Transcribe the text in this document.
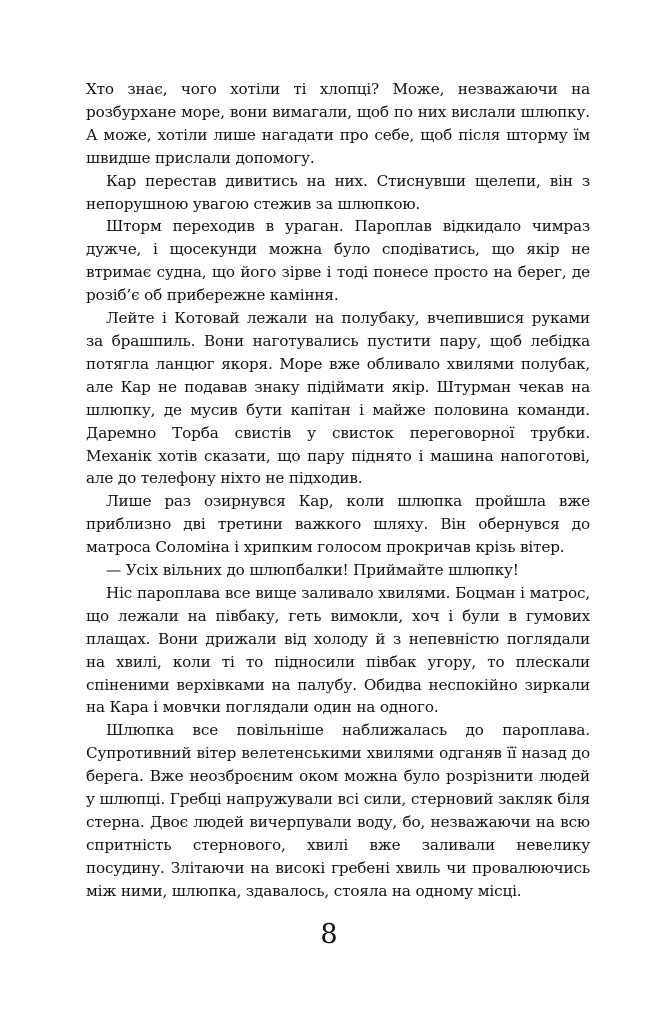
Хто знає, чого хотіли ті хлопці? Може, незважаючи на розбурхане море, вони вимагали, щоб по них вислали шлюпку. А може, хотіли лише нагадати про себе, щоб після шторму їм швидше прислали допомогу.

Кар перестав дивитись на них. Стиснувши щелепи, він з непорушною увагою стежив за шлюпкою.

Шторм переходив в ураган. Пароплав відкидало чимраз дужче, і щосекунди можна було сподіватись, що якір не втримає судна, що його зірве і тоді понесе просто на берег, де розіб’є об прибережне каміння.

Лейте і Котовай лежали на полубаку, вчепившися руками за брашпиль. Вони наготувались пустити пару, щоб лебідка потягла ланцюг якоря. Море вже обливало хвилями полубак, але Кар не подавав знаку підіймати якір. Штурман чекав на шлюпку, де мусив бути капітан і майже половина команди. Даремно Торба свистів у свисток переговорної трубки. Механік хотів сказати, що пару піднято і машина напоготові, але до телефону ніхто не підходив.

Лише раз озирнувся Кар, коли шлюпка пройшла вже приблизно дві третини важкого шляху. Він обернувся до матроса Соломіна і хрипким голосом прокричав крізь вітер.

— Усіх вільних до шлюпбалки! Приймайте шлюпку!

Ніс пароплава все вище заливало хвилями. Боцман і матрос, що лежали на півбаку, геть вимокли, хоч і були в гумових плащах. Вони дрижали від холоду й з непевністю поглядали на хвилі, коли ті то підносили півбак угору, то плескали спіненими верхівками на палубу. Обидва неспокійно зиркали на Кара і мовчки поглядали один на одного.

Шлюпка все повільніше наближалась до пароплава. Супротивний вітер велетенськими хвилями одганяв її назад до берега. Вже неозброєним оком можна було розрізнити людей у шлюпці. Гребці напружували всі сили, стерновий закляк біля стерна. Двоє людей вичерпували воду, бо, незважаючи на всю спритність стернового, хвилі вже заливали невелику посудину. Злітаючи на високі гребені хвиль чи провалюючись між ними, шлюпка, здавалось, стояла на одному місці.

8
